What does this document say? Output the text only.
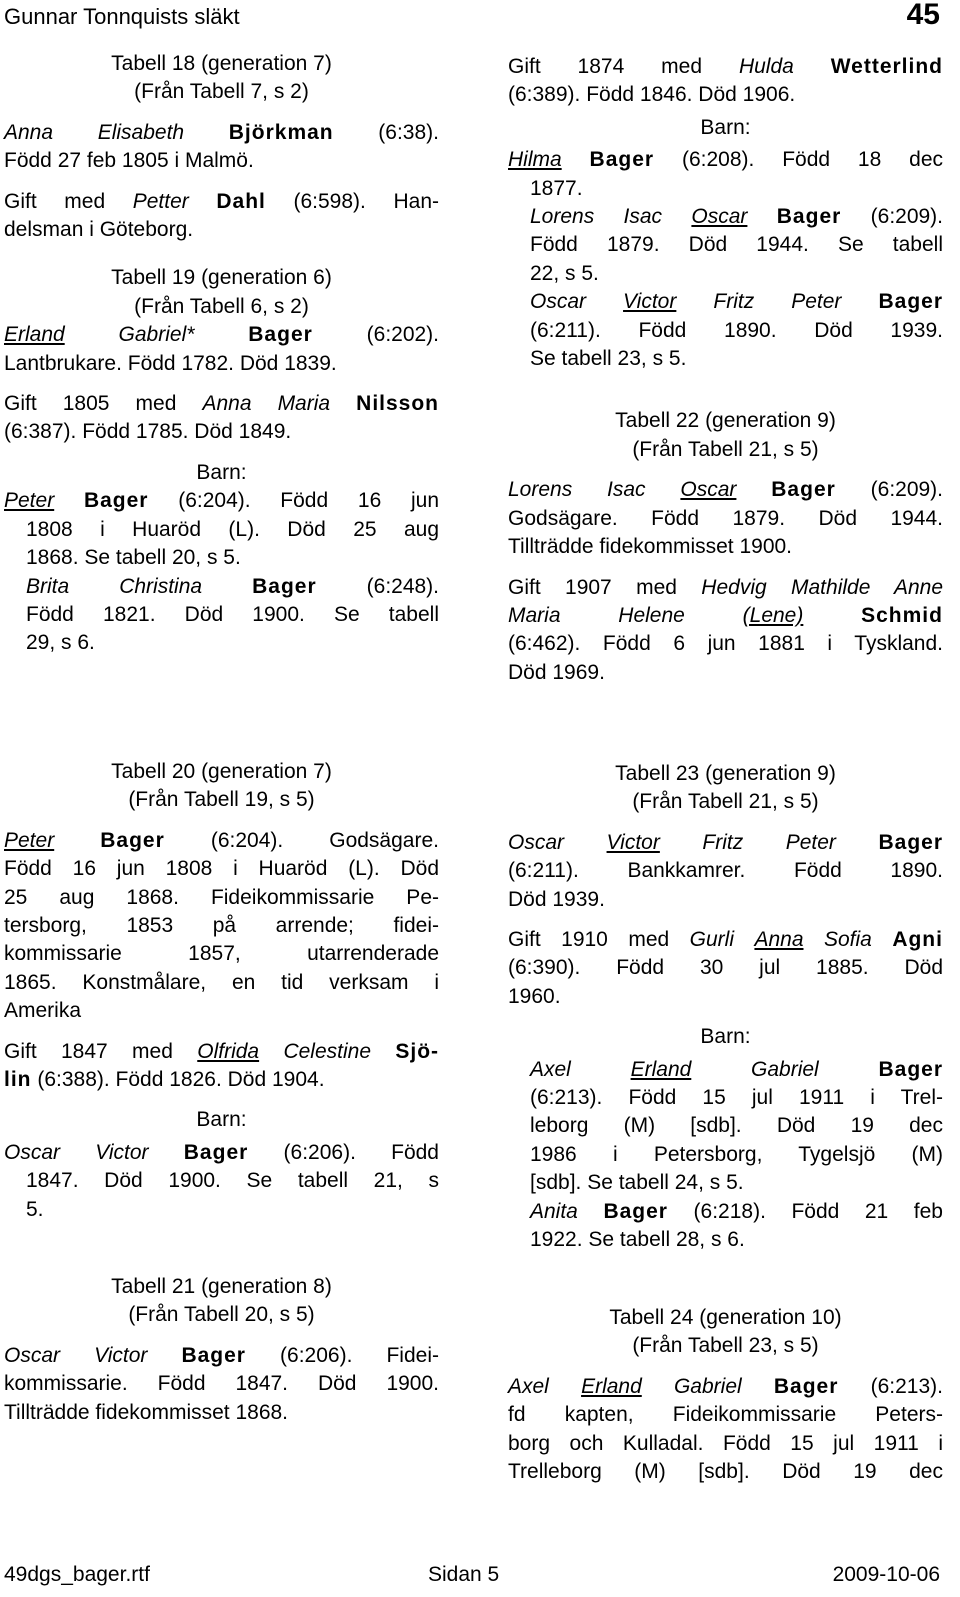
Gunnar Tonnquists släkt	45

Tabell 18 (generation 7)

(Från Tabell 7, s 2)

Anna Elisabeth Björkman (6:38).

Född 27 feb 1805 i Malmö.

Gift med Petter Dahl (6:598). Han-

delsman i Göteborg.

Tabell 19 (generation 6)

(Från Tabell 6, s 2)

Erland	Gabriel*	Bager	(6:202).

Lantbrukare. Född 1782. Död 1839.

Gift 1805 med Anna Maria Nilsson

(6:387). Född 1785. Död 1849.

Barn:

Peter Bager (6:204). Född 16 jun

1808 i Huaröd (L). Död 25 aug

1868. Se tabell 20, s 5.

Brita Christina Bager (6:248).

Född 1821. Död 1900. Se tabell

29, s 6.

Tabell 20 (generation 7)

(Från Tabell 19, s 5)

Peter Bager (6:204). Godsägare.

Född 16 jun 1808 i Huaröd (L). Död

25 aug 1868. Fideikommissarie Pe-

tersborg, 1853 på arrende; fidei-

kommissarie 1857, utarrenderade

1865. Konstmålare, en tid verksam i

Amerika

Gift 1847 med Olfrida Celestine Sjö-

lin (6:388). Född 1826. Död 1904.

Barn:

Oscar Victor Bager (6:206). Född

1847. Död 1900. Se tabell 21, s

5.

Tabell 21 (generation 8)

(Från Tabell 20, s 5)

Oscar Victor Bager (6:206). Fidei-

kommissarie. Född 1847. Död 1900.

Tillträdde fidekommisset 1868.

Gift 1874 med Hulda Wetterlind

(6:389). Född 1846. Död 1906.

Barn:

Hilma Bager (6:208). Född 18 dec

1877.

Lorens Isac Oscar Bager (6:209).

Född 1879. Död 1944. Se tabell

22, s 5.

Oscar Victor Fritz Peter Bager

(6:211). Född 1890. Död 1939.

Se tabell 23, s 5.

Tabell 22 (generation 9)

(Från Tabell 21, s 5)

Lorens Isac Oscar Bager (6:209).

Godsägare. Född 1879. Död 1944.

Tillträdde fidekommisset 1900.

Gift 1907 med Hedvig Mathilde Anne

Maria	Helene	(Lene)	Schmid

(6:462). Född 6 jun 1881 i Tyskland.

Död 1969.

Tabell 23 (generation 9)

(Från Tabell 21, s 5)

Oscar Victor Fritz Peter Bager

(6:211). Bankkamrer. Född 1890.

Död 1939.

Gift 1910 med Gurli Anna Sofia Agni

(6:390). Född 30 jul 1885. Död

1960.

Barn:

Axel	Erland	Gabriel	Bager

(6:213). Född 15 jul 1911 i Trel-

leborg (M) [sdb]. Död 19 dec

1986 i Petersborg, Tygelsjö (M)

[sdb]. Se tabell 24, s 5.

Anita Bager (6:218). Född 21 feb

1922. Se tabell 28, s 6.

Tabell 24 (generation 10)

(Från Tabell 23, s 5)

Axel Erland Gabriel Bager (6:213).

fd kapten, Fideikommissarie Peters-

borg och Kulladal. Född 15 jul 1911 i

Trelleborg (M) [sdb]. Död 19 dec

49dgs_bager.rtf	Sidan 5	2009-10-06
